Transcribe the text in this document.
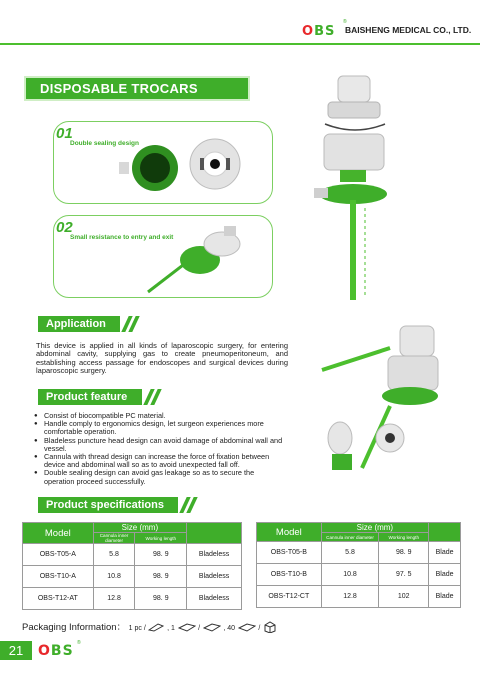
OBS
®
BAISHENG MEDICAL CO., LTD.
DISPOSABLE TROCARS
01
Double sealing design
02
Small resistance to entry and exit
Application
This device is applied in all kinds of laparoscopic surgery, for entering abdominal cavity, supplying gas to create pneumoperitoneum, and establishing access passage for endoscopes and surgical devices during laparoscopic surgery.
Product feature
● Consist of biocompatible PC material.
● Handle comply to ergonomics design, let surgeon experiences more comfortable operation.
● Bladeless puncture head design can avoid damage of abdominal wall and vessel.
● Cannula with thread design can increase the force of fixation between device and abdominal wall so as to avoid unexpected fall off.
● Double sealing design can avoid gas leakage so as to secure the operation proceed successfully.
Product specifications
Model	Size (mm)		
	Cannula inner diameter	Working length	
OBS-T05-A	5.8	98. 9	Bladeless
OBS-T10-A	10.8	98. 9	Bladeless
OBS-T12-AT	12.8	98. 9	Bladeless
Model	Size (mm)		
	Cannula inner diameter	Working length	
OBS-T05-B	5.8	98. 9	Blade
OBS-T10-B	10.8	97. 5	Blade
OBS-T12-CT	12.8	102	Blade
Packaging Information： 1 pc /	, 1	/	, 40	/
21	OBS ®
